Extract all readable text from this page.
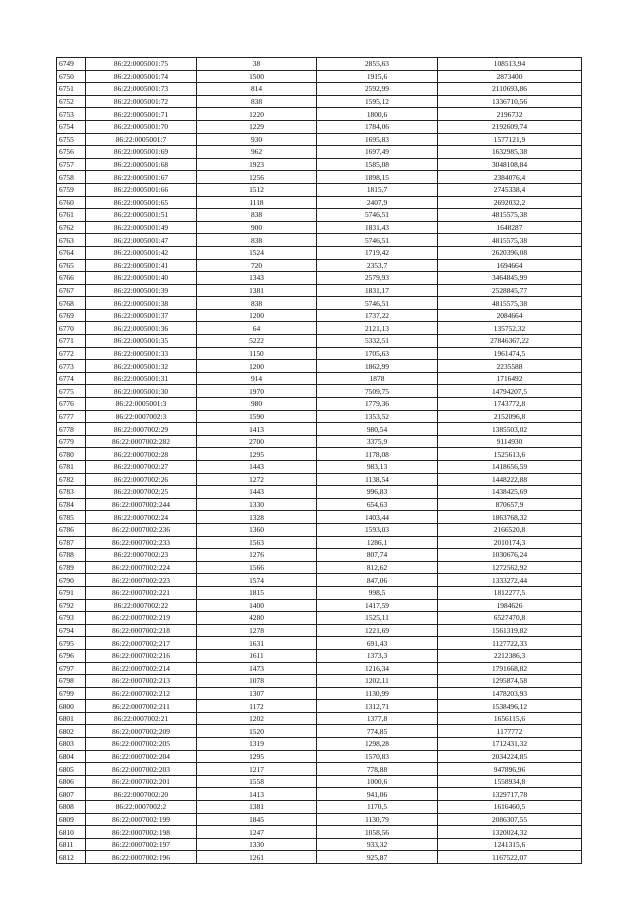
6749	86:22:0005001:75	38	2855,63	108513,94
6750	86:22:0005001:74	1500	1915,6	2873400
6751	86:22:0005001:73	814	2592,99	2110693,86
6752	86:22:0005001:72	838	1595,12	1336710,56
6753	86:22:0005001:71	1220	1800,6	2196732
6754	86:22:0005001:70	1229	1784,06	2192609,74
6755	86:22:0005001:7	930	1695,83	1577121,9
6756	86:22:0005001:69	962	1697,49	1632985,38
6757	86:22:0005001:68	1923	1585,08	3048108,84
6758	86:22:0005001:67	1256	1898,15	2384076,4
6759	86:22:0005001:66	1512	1815,7	2745338,4
6760	86:22:0005001:65	1118	2407,9	2692032,2
6761	86:22:0005001:51	838	5746,51	4815575,38
6762	86:22:0005001:49	900	1831,43	1648287
6763	86:22:0005001:47	838	5746,51	4815575,38
6764	86:22:0005001:42	1524	1719,42	2620396,08
6765	86:22:0005001:41	720	2353,7	1694664
6766	86:22:0005001:40	1343	2579,93	3464845,99
6767	86:22:0005001:39	1381	1831,17	2528845,77
6768	86:22:0005001:38	838	5746,51	4815575,38
6769	86:22:0005001:37	1200	1737,22	2084664
6770	86:22:0005001:36	64	2121,13	135752,32
6771	86:22:0005001:35	5222	5332,51	27846367,22
6772	86:22:0005001:33	1150	1705,63	1961474,5
6773	86:22:0005001:32	1200	1862,99	2235588
6774	86:22:0005001:31	914	1878	1716492
6775	86:22:0005001:30	1970	7509,75	14794207,5
6776	86:22:0005001:3	980	1779,36	1743772,8
6777	86:22:0007002:3	1590	1353,52	2152096,8
6778	86:22:0007002:29	1413	980,54	1385503,02
6779	86:22:0007002:282	2700	3375,9	9114930
6780	86:22:0007002:28	1295	1178,08	1525613,6
6781	86:22:0007002:27	1443	983,13	1418656,59
6782	86:22:0007002:26	1272	1138,54	1448222,88
6783	86:22:0007002:25	1443	996,83	1438425,69
6784	86:22:0007002:244	1330	654,63	870657,9
6785	86:22:0007002:24	1328	1403,44	1863768,32
6786	86:22:0007002:236	1360	1593,03	2166520,8
6787	86:22:0007002:233	1563	1286,1	2010174,3
6788	86:22:0007002:23	1276	807,74	1030676,24
6789	86:22:0007002:224	1566	812,62	1272562,92
6790	86:22:0007002:223	1574	847,06	1333272,44
6791	86:22:0007002:221	1815	998,5	1812277,5
6792	86:22:0007002:22	1400	1417,59	1984626
6793	86:22:0007002:219	4280	1525,11	6527470,8
6794	86:22:0007002:218	1278	1221,69	1561319,82
6795	86:22:0007002:217	1631	691,43	1127722,33
6796	86:22:0007002:216	1611	1373,3	2212386,3
6797	86:22:0007002:214	1473	1216,34	1791668,82
6798	86:22:0007002:213	1078	1202,11	1295874,58
6799	86:22:0007002:212	1307	1130,99	1478203,93
6800	86:22:0007002:211	1172	1312,71	1538496,12
6801	86:22:0007002:21	1202	1377,8	1656115,6
6802	86:22:0007002:209	1520	774,85	1177772
6803	86:22:0007002:205	1319	1298,28	1712431,32
6804	86:22:0007002:204	1295	1570,83	2034224,85
6805	86:22:0007002:203	1217	778,88	947896,96
6806	86:22:0007002:201	1558	1000,6	1558934,8
6807	86:22:0007002:20	1413	941,06	1329717,78
6808	86:22:0007002:2	1381	1170,5	1616460,5
6809	86:22:0007002:199	1845	1130,79	2086307,55
6810	86:22:0007002:198	1247	1058,56	1320024,32
6811	86:22:0007002:197	1330	933,32	1241315,6
6812	86:22:0007002:196	1261	925,87	1167522,07
